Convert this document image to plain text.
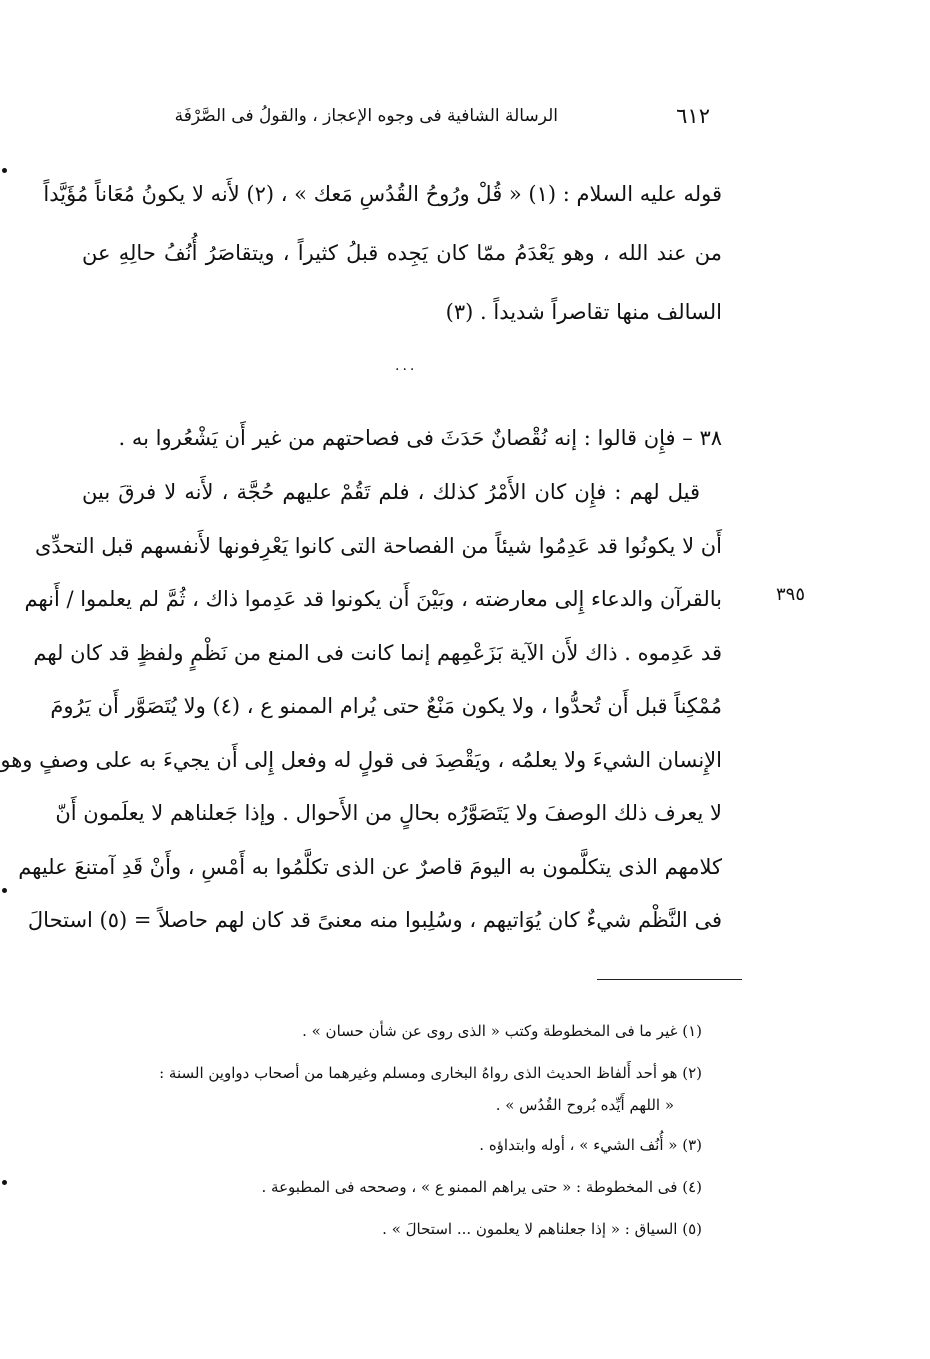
٦١٢
الرسالة الشافية فى وجوه الإعجاز ، والقولُ فى الصَّرْفَة
قوله عليه السلام : (١) « قُلْ ورُوحُ القُدُسِ مَعك » ، (٢) لأَنه لا يكونُ مُعَاناً مُؤَيَّداً
من عند الله ، وهو يَعْدَمُ ممّا كان يَجِده قبلُ كثيراً ، ويتقاصَرُ أُنُفُ حالِهِ عن
السالف منها تقاصراً شديداً . (٣)
...
٣٨ – فإِن قالوا : إنه نُقْصانٌ حَدَثَ فى فصاحتهم من غير أَن يَشْعُروا به .
قيل لهم : فإِن كان الأَمْرُ كذلك ، فلم تَقُمْ عليهم حُجَّة ، لأَنه لا فرقَ بين
أَن لا يكونُوا قد عَدِمُوا شيئاً من الفصاحة التى كانوا يَعْرِفونها لأَنفسهم قبل التحدِّى
بالقرآن والدعاء إِلى معارضته ، وبَيْنَ أَن يكونوا قد عَدِموا ذاك ، ثُمَّ لم يعلموا / أَنهم
قد عَدِموه . ذاك لأَن الآية بَزَعْمِهم إنما كانت فى المنع من نَظْمٍ ولفظٍ قد كان لهم
مُمْكِناً قبل أَن تُحدُّوا ، ولا يكون مَنْعٌ حتى يُرام الممنو ع ، (٤) ولا يُتَصَوَّر أَن يَرُومَ
الإِنسان الشيءَ ولا يعلمُه ، ويَقْصِدَ فى قولٍ له وفعل إِلى أَن يجيءَ به على وصفٍ وهو
لا يعرف ذلك الوصفَ ولا يَتَصَوَّرُه بحالٍ من الأَحوال . وإذا جَعلناهم لا يعلَمون أَنّ
كلامهم الذى يتكلَّمون به اليومَ قاصرٌ عن الذى تكلَّمُوا به أَمْسِ ، وأَنْ قَدِ آمتنعَ عليهم
فى النَّظْم شيءٌ كان يُوَاتيهم ، وسُلِبوا منه معنىً قد كان لهم حاصلاً = (٥) استحالَ
٣٩٥
(١) غير ما فى المخطوطة وكتب « الذى روى عن شأن حسان » .
(٢) هو أحد أَلفاظ الحديث الذى رواهُ البخارى ومسلم وغيرهما من أصحاب دواوين السنة :
« اللهم أَيِّده بُروح القُدُس » .
(٣) « أُنُف الشيء » ، أوله وابتداؤه .
(٤) فى المخطوطة : « حتى يراهم الممنو ع » ، وصححه فى المطبوعة .
(٥) السياق : « إذا جعلناهم لا يعلمون ... استحالَ » .
